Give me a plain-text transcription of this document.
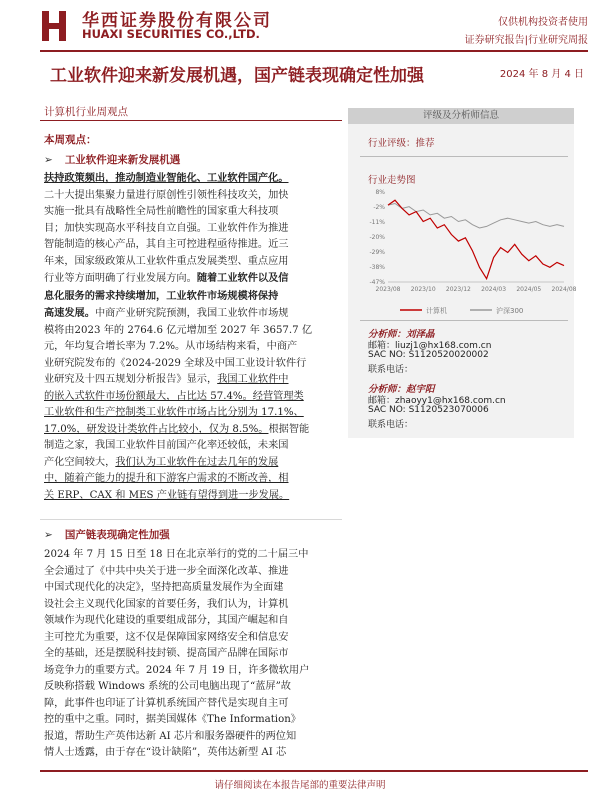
华西证券股份有限公司
HUAXI SECURITIES CO.,LTD.
仅供机构投资者使用
证券研究报告|行业研究周报
工业软件迎来新发展机遇，国产链表现确定性加强	2024 年 8 月 4 日
计算机行业周观点
本周观点：
➢ 工业软件迎来新发展机遇
扶持政策频出，推动制造业智能化、工业软件国产化。
二十大提出集聚力量进行原创性引领性科技攻关，加快
实施一批具有战略性全局性前瞻性的国家重大科技项
目；加快实现高水平科技自立自强。工业软件作为推进
智能制造的核心产品，其自主可控进程亟待推进。近三
年来，国家级政策从工业软件重点发展类型、重点应用
行业等方面明确了行业发展方向。随着工业软件以及信
息化服务的需求持续增加，工业软件市场规模将保持
高速发展。中商产业研究院预测，我国工业软件市场规
模将由2023 年的 2764.6 亿元增加至 2027 年 3657.7 亿
元，年均复合增长率为 7.2%。从市场结构来看，中商产
业研究院发布的《2024-2029 全球及中国工业设计软件行
业研究及十四五规划分析报告》显示，我国工业软件中
的嵌入式软件市场份额最大，占比达 57.4%。经营管理类
工业软件和生产控制类工业软件市场占比分别为 17.1%、
17.0%，研发设计类软件占比较小，仅为 8.5%。根据智能
制造之家，我国工业软件目前国产化率还较低，未来国
产化空间较大，我们认为工业软件在过去几年的发展
中，随着产能力的提升和下游客户需求的不断改善，相
关 ERP、CAX 和 MES 产业链有望得到进一步发展。
➢ 国产链表现确定性加强
2024 年 7 月 15 日至 18 日在北京举行的党的二十届三中
全会通过了《中共中央关于进一步全面深化改革、推进
中国式现代化的决定》，坚持把高质量发展作为全面建
设社会主义现代化国家的首要任务，我们认为，计算机
领域作为现代化建设的重要组成部分，其国产崛起和自
主可控尤为重要，这不仅是保障国家网络安全和信息安
全的基础，还是摆脱科技封锁、提高国产品牌在国际市
场竞争力的重要方式。2024 年 7 月 19 日，许多微软用户
反映称搭载 Windows 系统的公司电脑出现了“蓝屏”故
障，此事件也印证了计算机系统国产替代是实现自主可
控的重中之重。同时，据美国媒体《The Information》
报道，帮助生产英伟达新 AI 芯片和服务器硬件的两位知
情人士透露，由于存在“设计缺陷”，英伟达新型 AI 芯
评级及分析师信息
行业评级：推荐
行业走势图
8%
-2%
-11%
-20%
-29%
-38%
-47%
2023/08 2023/10 2023/12 2024/03 2024/05 2024/08
计算机	沪深300
分析师：刘泽晶
邮箱：liuzj1@hx168.com.cn
SAC NO: S1120520020002
联系电话：
分析师：赵宇阳
邮箱：zhaoyy1@hx168.com.cn
SAC NO: S1120523070006
联系电话：
请仔细阅读在本报告尾部的重要法律声明
